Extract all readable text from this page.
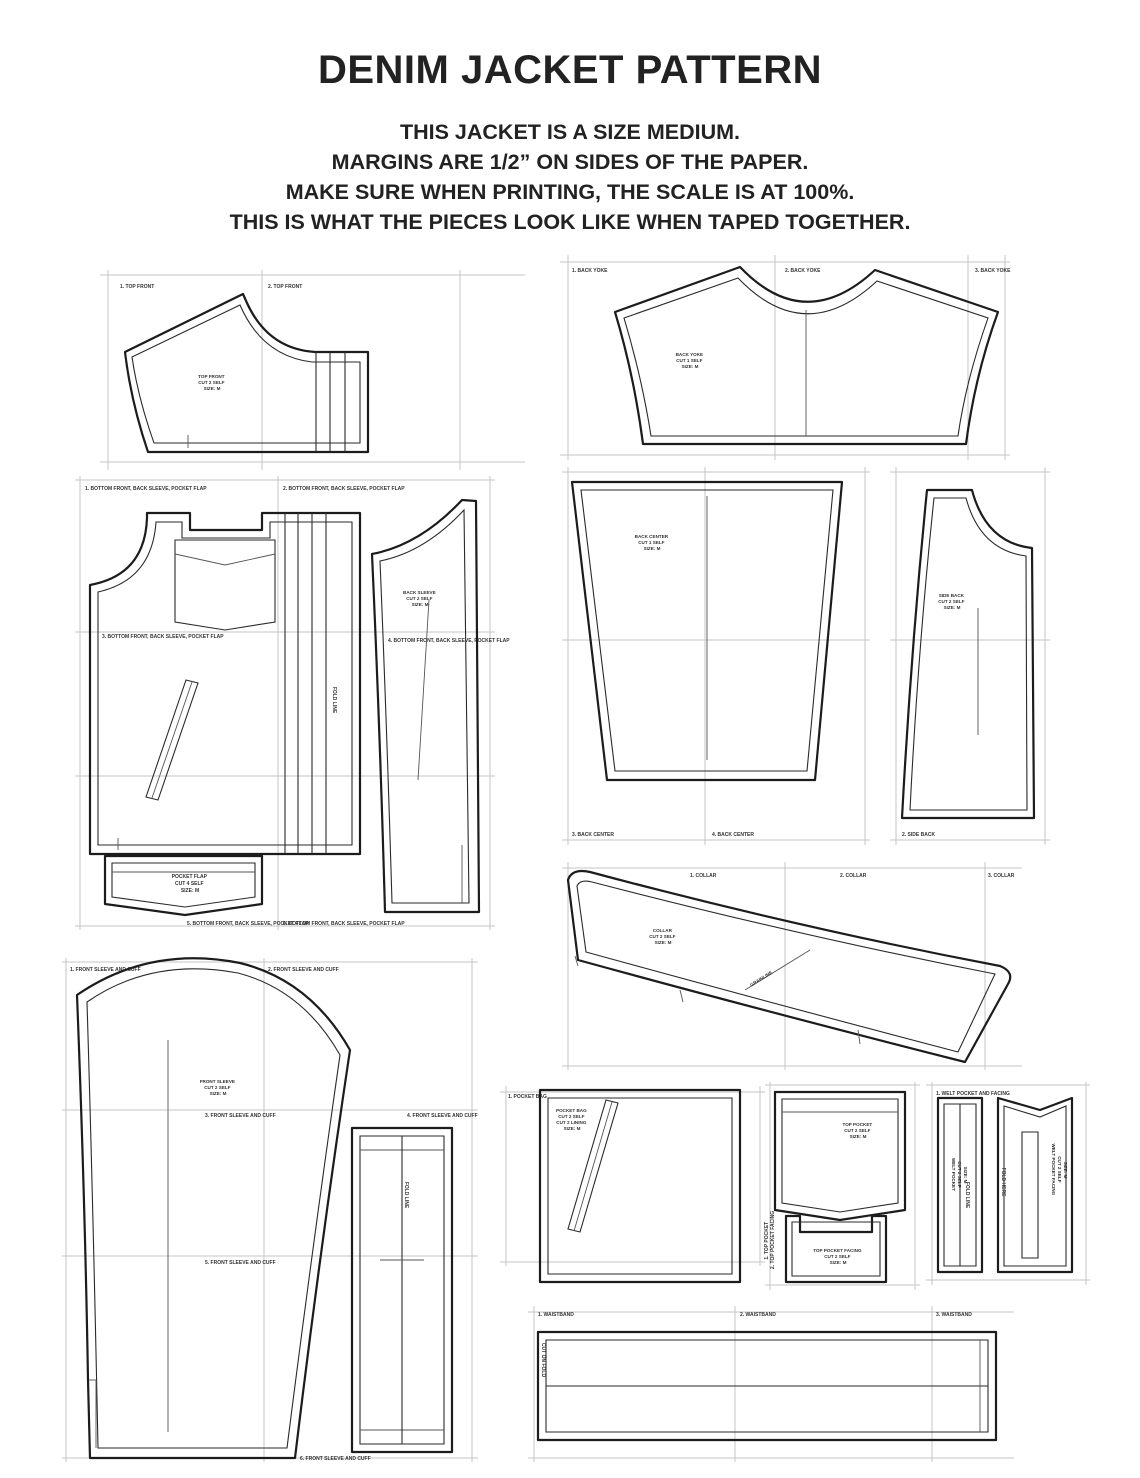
DENIM JACKET PATTERN
THIS JACKET IS A SIZE MEDIUM.
MARGINS ARE 1/2” ON SIDES OF THE PAPER.
MAKE SURE WHEN PRINTING, THE SCALE IS AT 100%.
THIS IS WHAT THE PIECES LOOK LIKE WHEN TAPED TOGETHER.
1. TOP FRONT	2. TOP FRONT
TOP FRONT CUT 2 SELF SIZE: M
1. BACK YOKE	2. BACK YOKE	3. BACK YOKE
BACK YOKE CUT 1 SELF SIZE: M
1. BOTTOM FRONT, BACK SLEEVE, POCKET FLAP	2. BOTTOM FRONT, BACK SLEEVE, POCKET FLAP
3. BOTTOM FRONT, BACK SLEEVE, POCKET FLAP
4. BOTTOM FRONT, BACK SLEEVE, POCKET FLAP
5. BOTTOM FRONT, BACK SLEEVE, POCKET FLAP
6. BOTTOM FRONT, BACK SLEEVE, POCKET FLAP
FOLD LINE
BACK SLEEVE CUT 2 SELF SIZE: M
POCKET FLAP CUT 4 SELF SIZE: M
3. BACK CENTER	4. BACK CENTER
BACK CENTER CUT 1 SELF SIZE: M
2. SIDE BACK
SIDE BACK CUT 2 SELF SIZE: M
1. COLLAR	2. COLLAR	3. COLLAR
GRAINLINE
COLLAR CUT 2 SELF SIZE: M
1. FRONT SLEEVE AND CUFF	2. FRONT SLEEVE AND CUFF
3. FRONT SLEEVE AND CUFF	4. FRONT SLEEVE AND CUFF
5. FRONT SLEEVE AND CUFF
6. FRONT SLEEVE AND CUFF
FRONT SLEEVE CUT 2 SELF SIZE: M
FOLD LINE
1. POCKET BAG
POCKET BAG CUT 2 SELF CUT 2 LINING SIZE: M
TOP POCKET CUT 2 SELF SIZE: M
1. TOP POCKET 2. TOP POCKET FACING	TOP POCKET FACING CUT 2 SELF SIZE: M
1. WELT POCKET AND FACING
FOLD LINE
WELT POCKET CUT 2 SELF SIZE: M	FOLD HERE	WELT POCKET FACING CUT 2 SELF SIZE: M
1. WAISTBAND	2. WAISTBAND	3. WAISTBAND
CUT ON FOLD
